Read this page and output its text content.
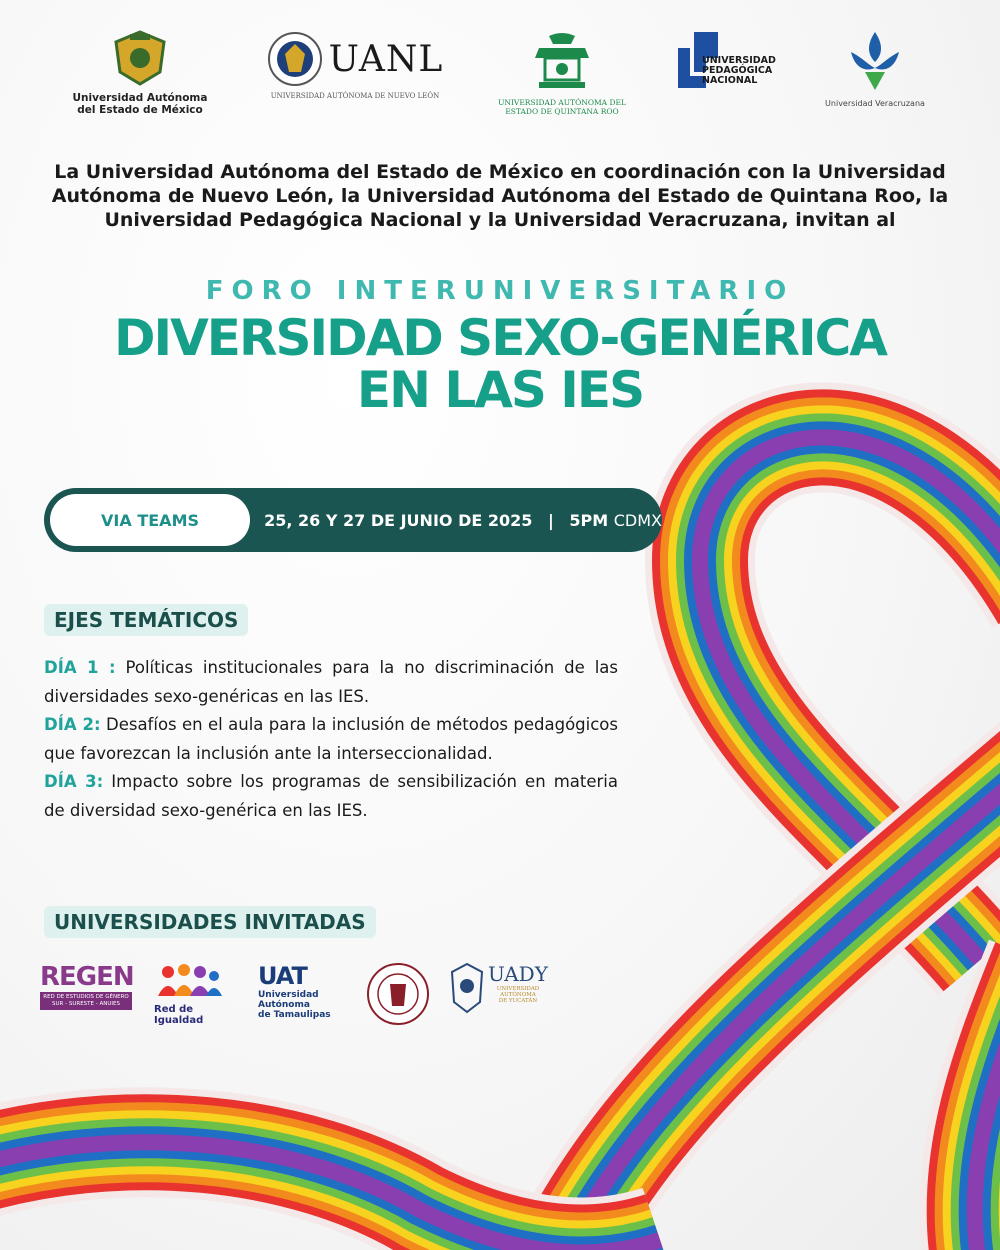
Universidad Autónoma
del Estado de México
UANL
UNIVERSIDAD AUTÓNOMA DE NUEVO LEÓN
UNIVERSIDAD AUTÓNOMA DEL
ESTADO DE QUINTANA ROO
UNIVERSIDAD
PEDAGÓGICA
NACIONAL
Universidad Veracruzana
La Universidad Autónoma del Estado de México en coordinación con la Universidad Autónoma de Nuevo León, la Universidad Autónoma del Estado de Quintana Roo, la Universidad Pedagógica Nacional y la Universidad Veracruzana, invitan al
FORO INTERUNIVERSITARIO
DIVERSIDAD SEXO-GENÉRICA
EN LAS IES
VIA TEAMS	25, 26 Y 27 DE JUNIO DE 2025 | 5PM CDMX
EJES TEMÁTICOS

DÍA 1 : Políticas institucionales para la no discriminación de las diversidades sexo-genéricas en las IES.

DÍA 2: Desafíos en el aula para la inclusión de métodos pedagógicos que favorezcan la inclusión ante la interseccionalidad.

DÍA 3: Impacto sobre los programas de sensibilización en materia de diversidad sexo-genérica en las IES.

UNIVERSIDADES INVITADAS
REGEN
RED DE ESTUDIOS DE GÉNERO SUR - SURESTE - ANUIES	Red de Igualdad
UAT
Universidad Autónoma
de Tamaulipas
UADY
UNIVERSIDAD
AUTÓNOMA
DE YUCATÁN
